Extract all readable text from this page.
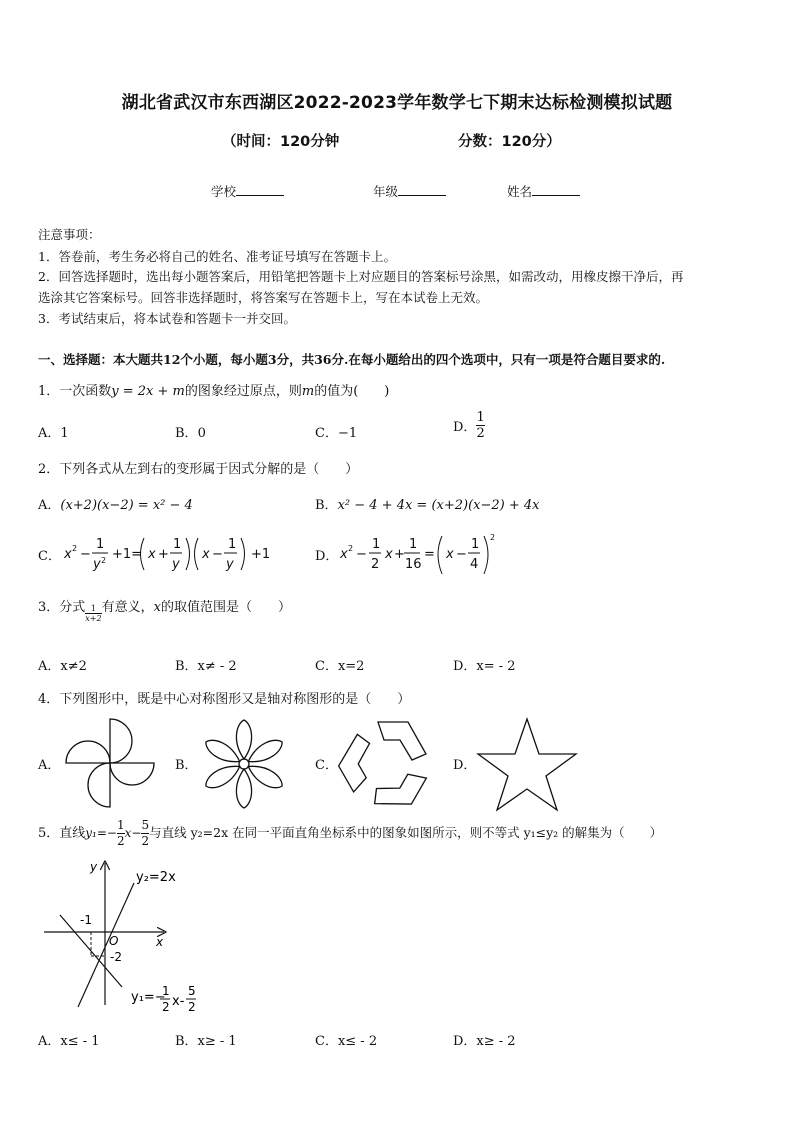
湖北省武汉市东西湖区2022-2023学年数学七下期末达标检测模拟试题
（时间：120分钟	分数：120分）
学校	年级	姓名
注意事项：
1．答卷前，考生务必将自己的姓名、准考证号填写在答题卡上。
2．回答选择题时，选出每小题答案后，用铅笔把答题卡上对应题目的答案标号涂黑，如需改动，用橡皮擦干净后，再
选涂其它答案标号。回答非选择题时，将答案写在答题卡上，写在本试卷上无效。
3．考试结束后，将本试卷和答题卡一并交回。
一、选择题：本大题共12个小题，每小题3分，共36分.在每小题给出的四个选项中，只有一项是符合题目要求的.
1．一次函数y = 2x + m的图象经过原点，则m的值为(　　)
A．1	B．0	C．−1	D． $\frac{1}{2}$
2．下列各式从左到右的变形属于因式分解的是（　　）
A．(x+2)(x−2) = x² − 4	B．x² − 4 + 4x = (x+2)(x−2) + 4x
C． x 2 −
1
y 2 +1= x +
1
y
x −
1
y
+1	D． x 2 −
1
2
x +
1
16
= x −
1
4
2
3．分式 $\frac{1}{x+2}$ 有意义，x的取值范围是（　　）
A．x≠2	B．x≠ - 2	C．x=2	D．x= - 2
4．下列图形中，既是中心对称图形又是轴对称图形的是（　　）
A．	B．	C．	D．
5．直线$y_1=- \frac{1}{2} x- \frac{5}{2}$ 与直线 y₂=2x 在同一平面直角坐标系中的图象如图所示，则不等式 y₁≤y₂ 的解集为（　　）
x
y
O
-1
-2
y₂=2x
y₁=−
1
2 x-
5
2
A．x≤ - 1	B．x≥ - 1	C．x≤ - 2	D．x≥ - 2
